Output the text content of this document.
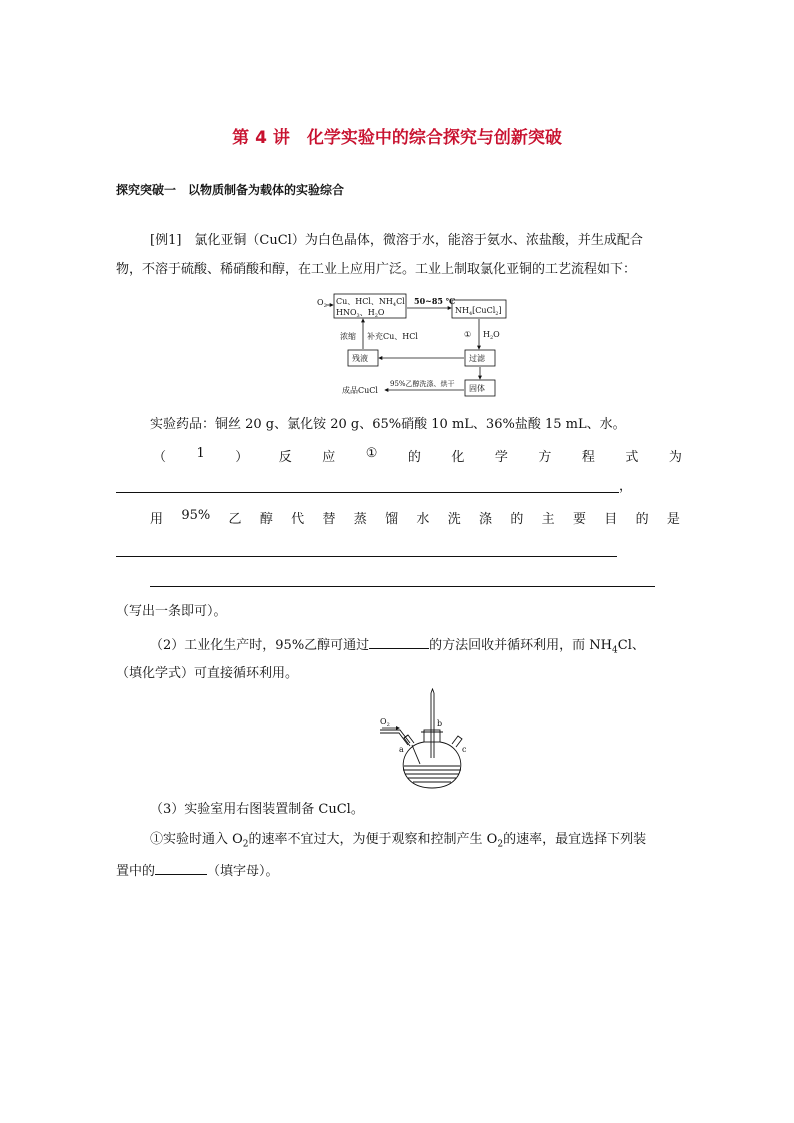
第 4 讲　化学实验中的综合探究与创新突破
探究突破一　以物质制备为载体的实验综合
[例1]　氯化亚铜（CuCl）为白色晶体，微溶于水，能溶于氨水、浓盐酸，并生成配合
物，不溶于硫酸、稀硝酸和醇，在工业上应用广泛。工业上制取氯化亚铜的工艺流程如下：
$O_2$ Cu、HCl、$NH_4Cl$
$HNO_3$、$H_2O$
50~85 ℃
$NH_4[CuCl_2]$
① $H_2O$
过滤
残液
浓缩 补充Cu、HCl
固体
95%乙醇洗涤、烘干
成品CuCl
实验药品：铜丝 20 g、氯化铵 20 g、65%硝酸 10 mL、36%盐酸 15 mL、水。
（ 1 ） 反 应 ① 的 化 学 方 程 式 为
，
用 95% 乙 醇 代 替 蒸 馏 水 洗 涤 的 主 要 目 的 是
（写出一条即可）。
（2）工业化生产时，95%乙醇可通过	的方法回收并循环利用，而 $NH_4Cl$、
（填化学式）可直接循环利用。
$O_2$
a
b
c
（3）实验室用右图装置制备 CuCl。
①实验时通入 $O_2$的速率不宜过大，为便于观察和控制产生 $O_2$的速率，最宜选择下列装
置中的	（填字母）。
